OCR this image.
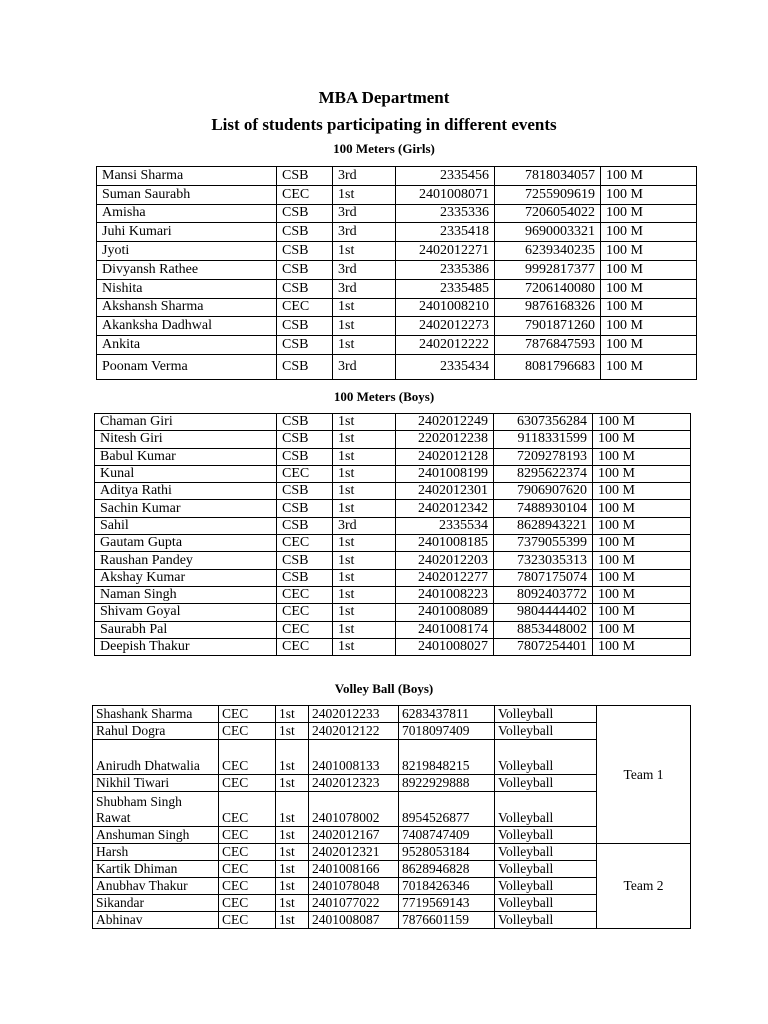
MBA Department
List of students participating in different events
100 Meters (Girls)
Mansi Sharma	CSB	3rd	2335456	7818034057	100 M
Suman Saurabh	CEC	1st	2401008071	7255909619	100 M
Amisha	CSB	3rd	2335336	7206054022	100 M
Juhi Kumari	CSB	3rd	2335418	9690003321	100 M
Jyoti	CSB	1st	2402012271	6239340235	100 M
Divyansh Rathee	CSB	3rd	2335386	9992817377	100 M
Nishita	CSB	3rd	2335485	7206140080	100 M
Akshansh Sharma	CEC	1st	2401008210	9876168326	100 M
Akanksha Dadhwal	CSB	1st	2402012273	7901871260	100 M
Ankita	CSB	1st	2402012222	7876847593	100 M
Poonam Verma	CSB	3rd	2335434	8081796683	100 M
100 Meters (Boys)
Chaman Giri	CSB	1st	2402012249	6307356284	100 M
Nitesh Giri	CSB	1st	2202012238	9118331599	100 M
Babul Kumar	CSB	1st	2402012128	7209278193	100 M
Kunal	CEC	1st	2401008199	8295622374	100 M
Aditya Rathi	CSB	1st	2402012301	7906907620	100 M
Sachin Kumar	CSB	1st	2402012342	7488930104	100 M
Sahil	CSB	3rd	2335534	8628943221	100 M
Gautam Gupta	CEC	1st	2401008185	7379055399	100 M
Raushan Pandey	CSB	1st	2402012203	7323035313	100 M
Akshay Kumar	CSB	1st	2402012277	7807175074	100 M
Naman Singh	CEC	1st	2401008223	8092403772	100 M
Shivam Goyal	CEC	1st	2401008089	9804444402	100 M
Saurabh Pal	CEC	1st	2401008174	8853448002	100 M
Deepish Thakur	CEC	1st	2401008027	7807254401	100 M
Volley Ball (Boys)
Shashank Sharma	CEC	1st	2402012233	6283437811	Volleyball	Team 1
Rahul Dogra	CEC	1st	2402012122	7018097409	Volleyball	
Anirudh Dhatwalia	CEC	1st	2401008133	8219848215	Volleyball	
Nikhil Tiwari	CEC	1st	2402012323	8922929888	Volleyball	
Shubham Singh Rawat	CEC	1st	2401078002	8954526877	Volleyball	
Anshuman Singh	CEC	1st	2402012167	7408747409	Volleyball	
Harsh	CEC	1st	2402012321	9528053184	Volleyball	Team 2
Kartik Dhiman	CEC	1st	2401008166	8628946828	Volleyball	
Anubhav Thakur	CEC	1st	2401078048	7018426346	Volleyball	
Sikandar	CEC	1st	2401077022	7719569143	Volleyball	
Abhinav	CEC	1st	2401008087	7876601159	Volleyball	
